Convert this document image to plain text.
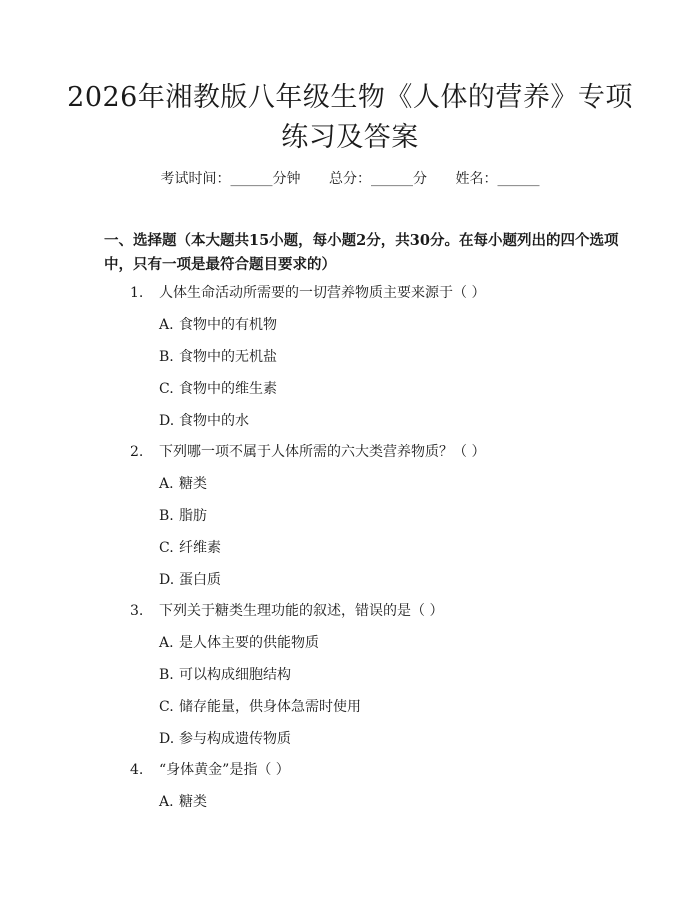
2026年湘教版八年级生物《人体的营养》专项练习及答案
考试时间：______分钟 总分：______分 姓名：______

一、选择题（本大题共15小题，每小题2分，共30分。在每小题列出的四个选项中，只有一项是最符合题目要求的）

1. 人体生命活动所需要的一切营养物质主要来源于（ ）
A. 食物中的有机物
B. 食物中的无机盐
C. 食物中的维生素
D. 食物中的水
2. 下列哪一项不属于人体所需的六大类营养物质？（ ）
A. 糖类
B. 脂肪
C. 纤维素
D. 蛋白质
3. 下列关于糖类生理功能的叙述，错误的是（ ）
A. 是人体主要的供能物质
B. 可以构成细胞结构
C. 储存能量，供身体急需时使用
D. 参与构成遗传物质
4. “身体黄金”是指（ ）
A. 糖类
